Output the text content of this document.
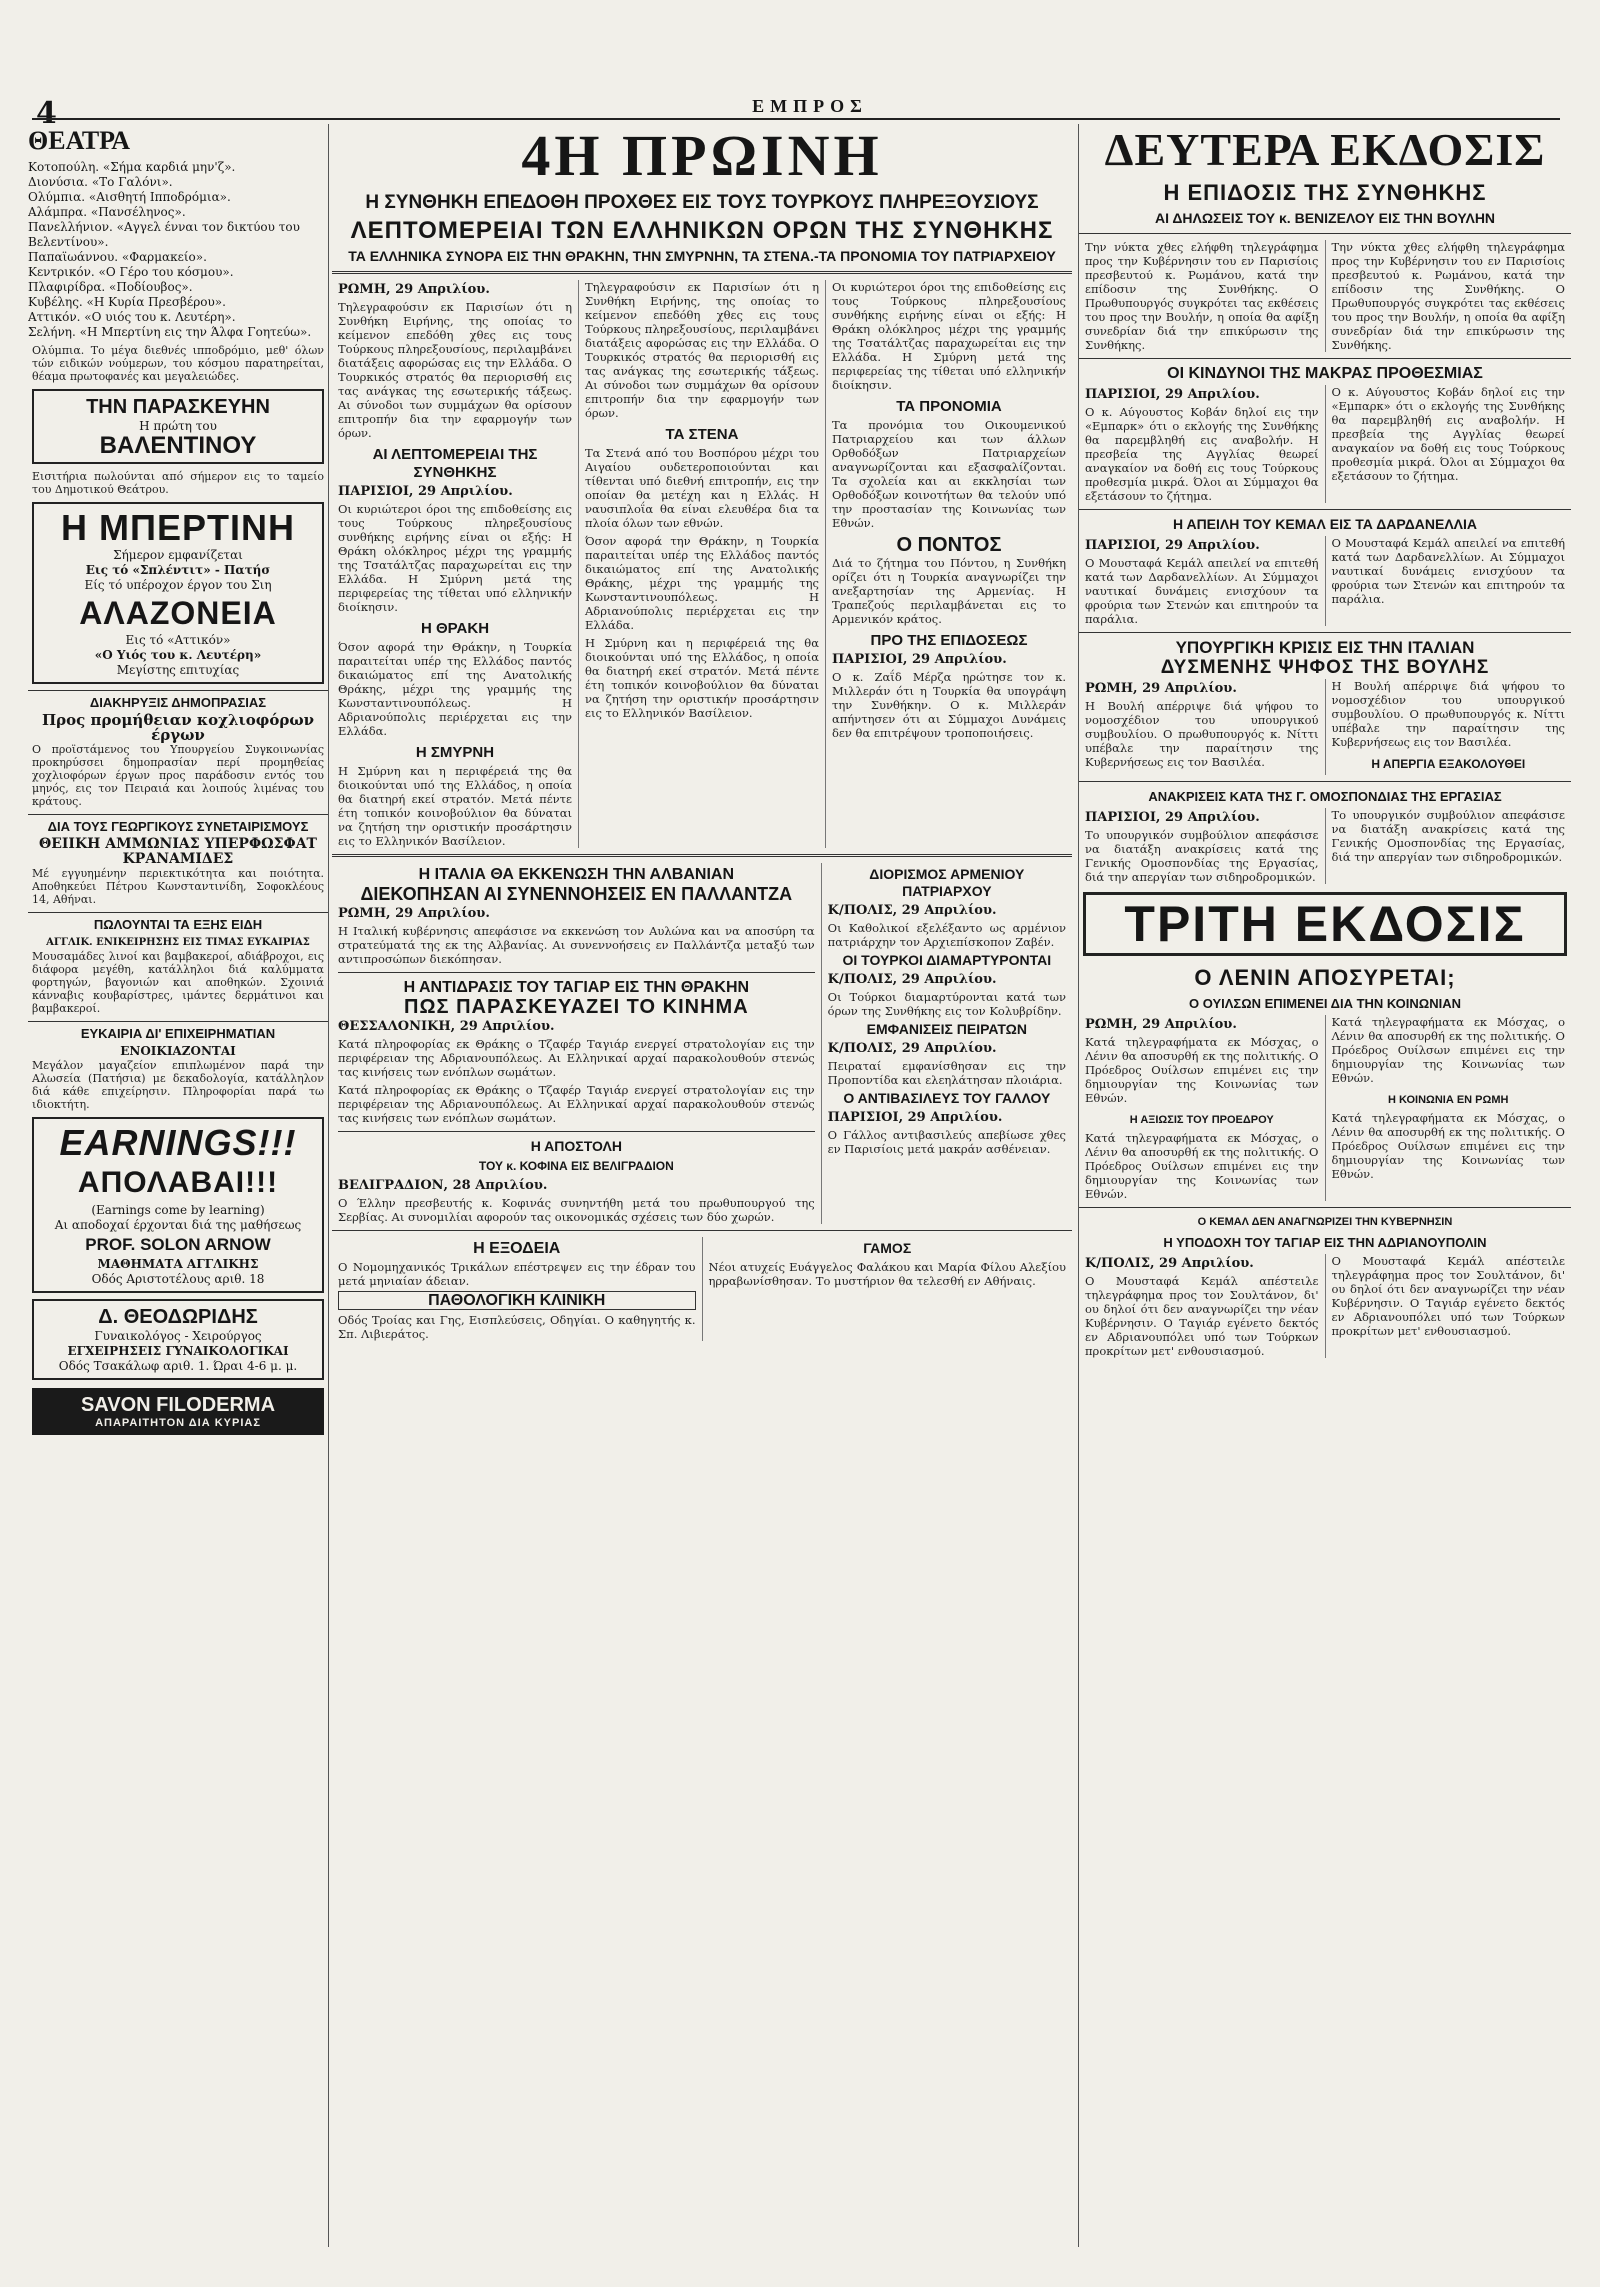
4	ΕΜΠΡΟΣ
ΘΕΑΤΡΑ

Κοτοπούλη. «Σήμα καρδιά μην'ζ».

Διονύσια. «Το Γαλόνι».

Ολύμπια. «Αισθητή Ιπποδρόμια».

Αλάμπρα. «Πανσέληνος».

Πανελλήνιον. «Αγγελ ένναι τον δικτύου του Βελεντίνου».

Παπαϊωάννου. «Φαρμακείο».

Κεντρικόν. «Ο Γέρο του κόσμου».

Πλαφιρίδρα. «Ποδίουβος».

Κυβέλης. «Η Κυρία Πρεσβέρου».

Αττικόν. «Ο υιός του κ. Λευτέρη».

Σελήνη. «Η Μπερτίνη εις την Άλφα Γοητεύω».

Ολύμπια. Το μέγα διεθνές ιπποδρόμιο, μεθ' όλων τών ειδικών νούμερων, του κόσμου παρατηρείται, θέαμα πρωτοφανές και μεγαλειώδες.

ΤΗΝ ΠΑΡΑΣΚΕΥΗΝ
Η πρώτη του
ΒΑΛΕΝΤΙΝΟΥ

Εισιτήρια πωλούνται από σήμερον εις το ταμείο του Δημοτικού Θεάτρου.

Η ΜΠΕΡΤΙΝΗ
Σήμερον εμφανίζεται
Εις τό «Σπλέντιτ» - Πατήσ
Είς τό υπέροχον έργον του Σιη
ΑΛΑΖΟΝΕΙΑ
Εις τό «Αττικόν»
«Ο Υιός του κ. Λευτέρη»
Μεγίστης επιτυχίας
ΔΙΑΚΗΡΥΞΙΣ ΔΗΜΟΠΡΑΣΙΑΣ
Προς προμήθειαν κοχλιοφόρων έργων

Ο προϊστάμενος του Υπουργείου Συγκοινωνίας προκηρύσσει δημοπρασίαν περί προμηθείας χοχλιοφόρων έργων προς παράδοσιν εντός του μηνός, εις τον Πειραιά και λοιπούς λιμένας του κράτους.

ΔΙΑ ΤΟΥΣ ΓΕΩΡΓΙΚΟΥΣ ΣΥΝΕΤΑΙΡΙΣΜΟΥΣ
ΘΕΙΙΚΗ ΑΜΜΩΝΙΑΣ ΥΠΕΡΦΩΣΦΑΤ ΚΡΑΝΑΜΙΔΕΣ

Μέ εγγυημένην περιεκτικότητα και ποιότητα. Αποθηκεύει Πέτρου Κωνσταντινίδη, Σοφοκλέους 14, Αθήναι.

ΠΩΛΟΥΝΤΑΙ ΤΑ ΕΞΗΣ ΕΙΔΗ
ΑΓΓΛΙΚ. ΕΝΙΚΕΙΡΗΣΗΣ ΕΙΣ ΤΙΜΑΣ ΕΥΚΑΙΡΙΑΣ

Μουσαμάδες λινοί και βαμβακεροί, αδιάβροχοι, εις διάφορα μεγέθη, κατάλληλοι διά καλύμματα φορτηγών, βαγονιών και αποθηκών. Σχοινιά κάνναβις κουβαρίστρες, ιμάντες δερμάτινοι και βαμβακεροί.

ΕΥΚΑΙΡΙΑ ΔΙ' ΕΠΙΧΕΙΡΗΜΑΤΙΑΝ
ΕΝΟΙΚΙΑΖΟΝΤΑΙ

Μεγάλον μαγαζείον επιπλωμένον παρά την Αλωσεία (Πατήσια) με δεκαδολογία, κατάλληλον διά κάθε επιχείρησιν. Πληροφορίαι παρά τω ιδιοκτήτη.

EARNINGS!!!
ΑΠΟΛΑΒΑΙ!!!
(Earnings come by learning)
Αι αποδοχαί έρχονται διά της μαθήσεως
PROF. SOLON ARNOW
ΜΑΘΗΜΑΤΑ ΑΓΓΛΙΚΗΣ
Οδός Αριστοτέλους αριθ. 18
Δ. ΘΕΟΔΩΡΙΔΗΣ
Γυναικολόγος - Χειρούργος
ΕΓΧΕΙΡΗΣΕΙΣ ΓΥΝΑΙΚΟΛΟΓΙΚΑΙ
Οδός Τσακάλωφ αριθ. 1. Ώραι 4-6 μ. μ.
SAVON FILODERMA
ΑΠΑΡΑΙΤΗΤΟΝ ΔΙΑ ΚΥΡΙΑΣ
4Η ΠΡΩΙΝΗ
Η ΣΥΝΘΗΚΗ ΕΠΕΔΟΘΗ ΠΡΟΧΘΕΣ ΕΙΣ ΤΟΥΣ ΤΟΥΡΚΟΥΣ ΠΛΗΡΕΞΟΥΣΙΟΥΣ
ΛΕΠΤΟΜΕΡΕΙΑΙ ΤΩΝ ΕΛΛΗΝΙΚΩΝ ΟΡΩΝ ΤΗΣ ΣΥΝΘΗΚΗΣ
ΤΑ ΕΛΛΗΝΙΚΑ ΣΥΝΟΡΑ ΕΙΣ ΤΗΝ ΘΡΑΚΗΝ, ΤΗΝ ΣΜΥΡΝΗΝ, ΤΑ ΣΤΕΝΑ.-ΤΑ ΠΡΟΝΟΜΙΑ ΤΟΥ ΠΑΤΡΙΑΡΧΕΙΟΥ
ΡΩΜΗ, 29 Απριλίου.

Τηλεγραφούσιν εκ Παρισίων ότι η Συνθήκη Ειρήνης, της οποίας το κείμενον επεδόθη χθες εις τους Τούρκους πληρεξουσίους, περιλαμβάνει διατάξεις αφορώσας εις την Ελλάδα. Ο Τουρκικός στρατός θα περιορισθή εις τας ανάγκας της εσωτερικής τάξεως. Αι σύνοδοι των συμμάχων θα ορίσουν επιτροπήν δια την εφαρμογήν των όρων.

ΑΙ ΛΕΠΤΟΜΕΡΕΙΑΙ ΤΗΣ ΣΥΝΘΗΚΗΣ
ΠΑΡΙΣΙΟΙ, 29 Απριλίου.

Οι κυριώτεροι όροι της επιδοθείσης εις τους Τούρκους πληρεξουσίους συνθήκης ειρήνης είναι οι εξής: Η Θράκη ολόκληρος μέχρι της γραμμής της Τσατάλτζας παραχωρείται εις την Ελλάδα. Η Σμύρνη μετά της περιφερείας της τίθεται υπό ελληνικήν διοίκησιν.

Η ΘΡΑΚΗ

Όσον αφορά την Θράκην, η Τουρκία παραιτείται υπέρ της Ελλάδος παντός δικαιώματος επί της Ανατολικής Θράκης, μέχρι της γραμμής της Κωνσταντινουπόλεως. Η Αδριανούπολις περιέρχεται εις την Ελλάδα.

Η ΣΜΥΡΝΗ

Η Σμύρνη και η περιφέρειά της θα διοικούνται υπό της Ελλάδος, η οποία θα διατηρή εκεί στρατόν. Μετά πέντε έτη τοπικόν κοινοβούλιον θα δύναται να ζητήση την οριστικήν προσάρτησιν εις το Ελληνικόν Βασίλειον.

Τηλεγραφούσιν εκ Παρισίων ότι η Συνθήκη Ειρήνης, της οποίας το κείμενον επεδόθη χθες εις τους Τούρκους πληρεξουσίους, περιλαμβάνει διατάξεις αφορώσας εις την Ελλάδα. Ο Τουρκικός στρατός θα περιορισθή εις τας ανάγκας της εσωτερικής τάξεως. Αι σύνοδοι των συμμάχων θα ορίσουν επιτροπήν δια την εφαρμογήν των όρων.

ΤΑ ΣΤΕΝΑ

Τα Στενά από του Βοσπόρου μέχρι του Αιγαίου ουδετεροποιούνται και τίθενται υπό διεθνή επιτροπήν, εις την οποίαν θα μετέχη και η Ελλάς. Η ναυσιπλοΐα θα είναι ελευθέρα δια τα πλοία όλων των εθνών.

Όσον αφορά την Θράκην, η Τουρκία παραιτείται υπέρ της Ελλάδος παντός δικαιώματος επί της Ανατολικής Θράκης, μέχρι της γραμμής της Κωνσταντινουπόλεως. Η Αδριανούπολις περιέρχεται εις την Ελλάδα.

Η Σμύρνη και η περιφέρειά της θα διοικούνται υπό της Ελλάδος, η οποία θα διατηρή εκεί στρατόν. Μετά πέντε έτη τοπικόν κοινοβούλιον θα δύναται να ζητήση την οριστικήν προσάρτησιν εις το Ελληνικόν Βασίλειον.

Οι κυριώτεροι όροι της επιδοθείσης εις τους Τούρκους πληρεξουσίους συνθήκης ειρήνης είναι οι εξής: Η Θράκη ολόκληρος μέχρι της γραμμής της Τσατάλτζας παραχωρείται εις την Ελλάδα. Η Σμύρνη μετά της περιφερείας της τίθεται υπό ελληνικήν διοίκησιν.

ΤΑ ΠΡΟΝΟΜΙΑ

Τα προνόμια του Οικουμενικού Πατριαρχείου και των άλλων Ορθοδόξων Πατριαρχείων αναγνωρίζονται και εξασφαλίζονται. Τα σχολεία και αι εκκλησίαι των Ορθοδόξων κοινοτήτων θα τελούν υπό την προστασίαν της Κοινωνίας των Εθνών.

Ο ΠΟΝΤΟΣ

Διά το ζήτημα του Πόντου, η Συνθήκη ορίζει ότι η Τουρκία αναγνωρίζει την ανεξαρτησίαν της Αρμενίας. Η Τραπεζούς περιλαμβάνεται εις το Αρμενικόν κράτος.

ΠΡΟ ΤΗΣ ΕΠΙΔΟΣΕΩΣ
ΠΑΡΙΣΙΟΙ, 29 Απριλίου.

Ο κ. Ζαΐδ Μέρζα ηρώτησε τον κ. Μιλλεράν ότι η Τουρκία θα υπογράψη την Συνθήκην. Ο κ. Μιλλεράν απήντησεν ότι αι Σύμμαχοι Δυνάμεις δεν θα επιτρέψουν τροποποιήσεις.

Η ΙΤΑΛΙΑ ΘΑ ΕΚΚΕΝΩΣΗ ΤΗΝ ΑΛΒΑΝΙΑΝ
ΔΙΕΚΟΠΗΣΑΝ ΑΙ ΣΥΝΕΝΝΟΗΣΕΙΣ ΕΝ ΠΑΛΛΑΝΤΖΑ
ΡΩΜΗ, 29 Απριλίου.

Η Ιταλική κυβέρνησις απεφάσισε να εκκενώση τον Αυλώνα και να αποσύρη τα στρατεύματά της εκ της Αλβανίας. Αι συνεννοήσεις εν Παλλάντζα μεταξύ των αντιπροσώπων διεκόπησαν.

Η ΑΝΤΙΔΡΑΣΙΣ ΤΟΥ ΤΑΓΙΑΡ ΕΙΣ ΤΗΝ ΘΡΑΚΗΝ
ΠΩΣ ΠΑΡΑΣΚΕΥΑΖΕΙ ΤΟ ΚΙΝΗΜΑ
ΘΕΣΣΑΛΟΝΙΚΗ, 29 Απριλίου.

Κατά πληροφορίας εκ Θράκης ο Τζαφέρ Ταγιάρ ενεργεί στρατολογίαν εις την περιφέρειαν της Αδριανουπόλεως. Αι Ελληνικαί αρχαί παρακολουθούν στενώς τας κινήσεις των ενόπλων σωμάτων.

Κατά πληροφορίας εκ Θράκης ο Τζαφέρ Ταγιάρ ενεργεί στρατολογίαν εις την περιφέρειαν της Αδριανουπόλεως. Αι Ελληνικαί αρχαί παρακολουθούν στενώς τας κινήσεις των ενόπλων σωμάτων.

Η ΑΠΟΣΤΟΛΗ
ΤΟΥ κ. ΚΟΦΙΝΑ ΕΙΣ ΒΕΛΙΓΡΑΔΙΟΝ
ΒΕΛΙΓΡΑΔΙΟΝ, 28 Απριλίου.

Ο Έλλην πρεσβευτής κ. Κοφινάς συνηντήθη μετά του πρωθυπουργού της Σερβίας. Αι συνομιλίαι αφορούν τας οικονομικάς σχέσεις των δύο χωρών.

ΔΙΟΡΙΣΜΟΣ ΑΡΜΕΝΙΟΥ ΠΑΤΡΙΑΡΧΟΥ
Κ/ΠΟΛΙΣ, 29 Απριλίου.

Οι Καθολικοί εξελέξαντο ως αρμένιον πατριάρχην τον Αρχιεπίσκοπον Ζαβέν.

ΟΙ ΤΟΥΡΚΟΙ ΔΙΑΜΑΡΤΥΡΟΝΤΑΙ
Κ/ΠΟΛΙΣ, 29 Απριλίου.

Οι Τούρκοι διαμαρτύρονται κατά των όρων της Συνθήκης εις τον Κολυβρίδην.

ΕΜΦΑΝΙΣΕΙΣ ΠΕΙΡΑΤΩΝ
Κ/ΠΟΛΙΣ, 29 Απριλίου.

Πειραταί εμφανίσθησαν εις την Προποντίδα και ελεηλάτησαν πλοιάρια.

Ο ΑΝΤΙΒΑΣΙΛΕΥΣ ΤΟΥ ΓΑΛΛΟΥ
ΠΑΡΙΣΙΟΙ, 29 Απριλίου.

Ο Γάλλος αντιβασιλεύς απεβίωσε χθες εν Παρισίοις μετά μακράν ασθένειαν.

Η ΕΞΟΔΕΙΑ

Ο Νομομηχανικός Τρικάλων επέστρεψεν εις την έδραν του μετά μηνιαίαν άδειαν.

ΠΑΘΟΛΟΓΙΚΗ ΚΛΙΝΙΚΗ

Οδός Τροίας και Γης, Εισπλεύσεις, Οδηγίαι. Ο καθηγητής κ. Σπ. Λιβιεράτος.

ΓΑΜΟΣ

Νέοι ατυχείς Ευάγγελος Φαλάκου και Μαρία Φίλου Αλεξίου ηρραβωνίσθησαν. Το μυστήριον θα τελεσθή εν Αθήναις.

ΔΕΥΤΕΡΑ ΕΚΔΟΣΙΣ
Η ΕΠΙΔΟΣΙΣ ΤΗΣ ΣΥΝΘΗΚΗΣ
ΑΙ ΔΗΛΩΣΕΙΣ ΤΟΥ κ. ΒΕΝΙΖΕΛΟΥ ΕΙΣ ΤΗΝ ΒΟΥΛΗΝ

Την νύκτα χθες ελήφθη τηλεγράφημα προς την Κυβέρνησιν του εν Παρισίοις πρεσβευτού κ. Ρωμάνου, κατά την επίδοσιν της Συνθήκης. Ο Πρωθυπουργός συγκρότει τας εκθέσεις του προς την Βουλήν, η οποία θα αφίξη συνεδρίαν διά την επικύρωσιν της Συνθήκης.

Την νύκτα χθες ελήφθη τηλεγράφημα προς την Κυβέρνησιν του εν Παρισίοις πρεσβευτού κ. Ρωμάνου, κατά την επίδοσιν της Συνθήκης. Ο Πρωθυπουργός συγκρότει τας εκθέσεις του προς την Βουλήν, η οποία θα αφίξη συνεδρίαν διά την επικύρωσιν της Συνθήκης.

ΟΙ ΚΙΝΔΥΝΟΙ ΤΗΣ ΜΑΚΡΑΣ ΠΡΟΘΕΣΜΙΑΣ
ΠΑΡΙΣΙΟΙ, 29 Απριλίου.

Ο κ. Αύγουστος Κοβάν δηλοί εις την «Εμπαρκ» ότι ο εκλογής της Συνθήκης θα παρεμβληθή εις αναβολήν. Η πρεσβεία της Αγγλίας θεωρεί αναγκαίον να δοθή εις τους Τούρκους προθεσμία μικρά. Όλοι αι Σύμμαχοι θα εξετάσουν το ζήτημα.

Ο κ. Αύγουστος Κοβάν δηλοί εις την «Εμπαρκ» ότι ο εκλογής της Συνθήκης θα παρεμβληθή εις αναβολήν. Η πρεσβεία της Αγγλίας θεωρεί αναγκαίον να δοθή εις τους Τούρκους προθεσμία μικρά. Όλοι αι Σύμμαχοι θα εξετάσουν το ζήτημα.

Η ΑΠΕΙΛΗ ΤΟΥ ΚΕΜΑΛ ΕΙΣ ΤΑ ΔΑΡΔΑΝΕΛΛΙΑ
ΠΑΡΙΣΙΟΙ, 29 Απριλίου.

Ο Μουσταφά Κεμάλ απειλεί να επιτεθή κατά των Δαρδανελλίων. Αι Σύμμαχοι ναυτικαί δυνάμεις ενισχύουν τα φρούρια των Στενών και επιτηρούν τα παράλια.

Ο Μουσταφά Κεμάλ απειλεί να επιτεθή κατά των Δαρδανελλίων. Αι Σύμμαχοι ναυτικαί δυνάμεις ενισχύουν τα φρούρια των Στενών και επιτηρούν τα παράλια.

ΥΠΟΥΡΓΙΚΗ ΚΡΙΣΙΣ ΕΙΣ ΤΗΝ ΙΤΑΛΙΑΝ
ΔΥΣΜΕΝΗΣ ΨΗΦΟΣ ΤΗΣ ΒΟΥΛΗΣ
ΡΩΜΗ, 29 Απριλίου.

Η Βουλή απέρριψε διά ψήφου το νομοσχέδιον του υπουργικού συμβουλίου. Ο πρωθυπουργός κ. Νίττι υπέβαλε την παραίτησιν της Κυβερνήσεως εις τον Βασιλέα.

Η Βουλή απέρριψε διά ψήφου το νομοσχέδιον του υπουργικού συμβουλίου. Ο πρωθυπουργός κ. Νίττι υπέβαλε την παραίτησιν της Κυβερνήσεως εις τον Βασιλέα.

Η ΑΠΕΡΓΙΑ ΕΞΑΚΟΛΟΥΘΕΙ
ΑΝΑΚΡΙΣΕΙΣ ΚΑΤΑ ΤΗΣ Γ. ΟΜΟΣΠΟΝΔΙΑΣ ΤΗΣ ΕΡΓΑΣΙΑΣ
ΠΑΡΙΣΙΟΙ, 29 Απριλίου.

Το υπουργικόν συμβούλιον απεφάσισε να διατάξη ανακρίσεις κατά της Γενικής Ομοσπονδίας της Εργασίας, διά την απεργίαν των σιδηροδρομικών.

Το υπουργικόν συμβούλιον απεφάσισε να διατάξη ανακρίσεις κατά της Γενικής Ομοσπονδίας της Εργασίας, διά την απεργίαν των σιδηροδρομικών.

ΤΡΙΤΗ ΕΚΔΟΣΙΣ
Ο ΛΕΝΙΝ ΑΠΟΣΥΡΕΤΑΙ;
Ο ΟΥΙΛΣΩΝ ΕΠΙΜΕΝΕΙ ΔΙΑ ΤΗΝ ΚΟΙΝΩΝΙΑΝ
ΡΩΜΗ, 29 Απριλίου.

Κατά τηλεγραφήματα εκ Μόσχας, ο Λένιν θα αποσυρθή εκ της πολιτικής. Ο Πρόεδρος Ουίλσων επιμένει εις την δημιουργίαν της Κοινωνίας των Εθνών.

Η ΑΞΙΩΣΙΣ ΤΟΥ ΠΡΟΕΔΡΟΥ

Κατά τηλεγραφήματα εκ Μόσχας, ο Λένιν θα αποσυρθή εκ της πολιτικής. Ο Πρόεδρος Ουίλσων επιμένει εις την δημιουργίαν της Κοινωνίας των Εθνών.

Κατά τηλεγραφήματα εκ Μόσχας, ο Λένιν θα αποσυρθή εκ της πολιτικής. Ο Πρόεδρος Ουίλσων επιμένει εις την δημιουργίαν της Κοινωνίας των Εθνών.

Η ΚΟΙΝΩΝΙΑ ΕΝ ΡΩΜΗ

Κατά τηλεγραφήματα εκ Μόσχας, ο Λένιν θα αποσυρθή εκ της πολιτικής. Ο Πρόεδρος Ουίλσων επιμένει εις την δημιουργίαν της Κοινωνίας των Εθνών.

Ο ΚΕΜΑΛ ΔΕΝ ΑΝΑΓΝΩΡΙΖΕΙ ΤΗΝ ΚΥΒΕΡΝΗΣΙΝ
Η ΥΠΟΔΟΧΗ ΤΟΥ ΤΑΓΙΑΡ ΕΙΣ ΤΗΝ ΑΔΡΙΑΝΟΥΠΟΛΙΝ
Κ/ΠΟΛΙΣ, 29 Απριλίου.

Ο Μουσταφά Κεμάλ απέστειλε τηλεγράφημα προς τον Σουλτάνον, δι' ου δηλοί ότι δεν αναγνωρίζει την νέαν Κυβέρνησιν. Ο Ταγιάρ εγένετο δεκτός εν Αδριανουπόλει υπό των Τούρκων προκρίτων μετ' ενθουσιασμού.

Ο Μουσταφά Κεμάλ απέστειλε τηλεγράφημα προς τον Σουλτάνον, δι' ου δηλοί ότι δεν αναγνωρίζει την νέαν Κυβέρνησιν. Ο Ταγιάρ εγένετο δεκτός εν Αδριανουπόλει υπό των Τούρκων προκρίτων μετ' ενθουσιασμού.
